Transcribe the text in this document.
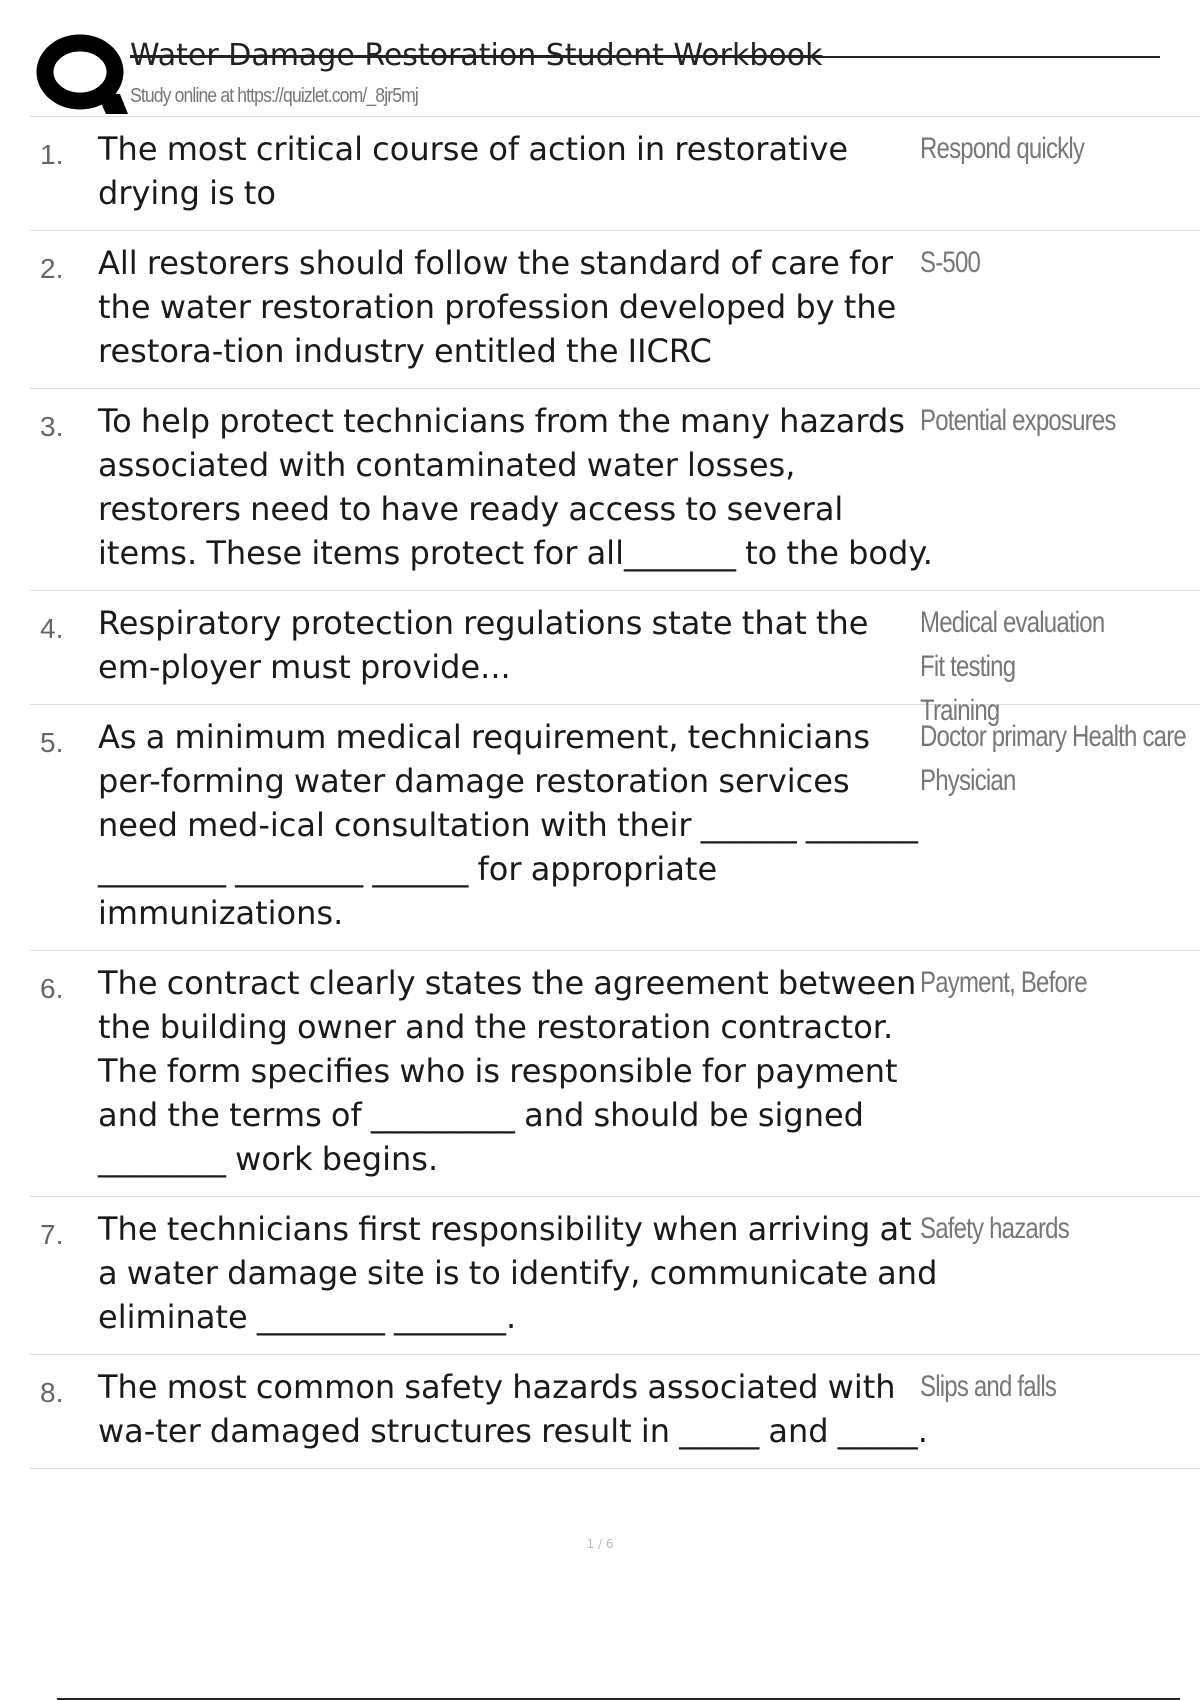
Water Damage Restoration Student Workbook
Study online at https://quizlet.com/_8jr5mj
1. The most critical course of action in restorative drying is to
Respond quickly
2. All restorers should follow the standard of care for the water restoration profession developed by the restora-tion industry entitled the IICRC
S-500
3. To help protect technicians from the many hazards associated with contaminated water losses, restorers need to have ready access to several items. These items protect for all_______ to the body.
Potential exposures
4. Respiratory protection regulations state that the em-ployer must provide...
Medical evaluation
Fit testing
Training
5. As a minimum medical requirement, technicians per-forming water damage restoration services need med-ical consultation with their ______ _______ ________ ________ ______ for appropriate immunizations.
Doctor primary Health care
Physician
6. The contract clearly states the agreement between the building owner and the restoration contractor. The form specifies who is responsible for payment and the terms of _________ and should be signed ________ work begins.
Payment, Before
7. The technicians first responsibility when arriving at a water damage site is to identify, communicate and eliminate ________ _______.
Safety hazards
8. The most common safety hazards associated with wa-ter damaged structures result in _____ and _____.
Slips and falls
1 / 6
